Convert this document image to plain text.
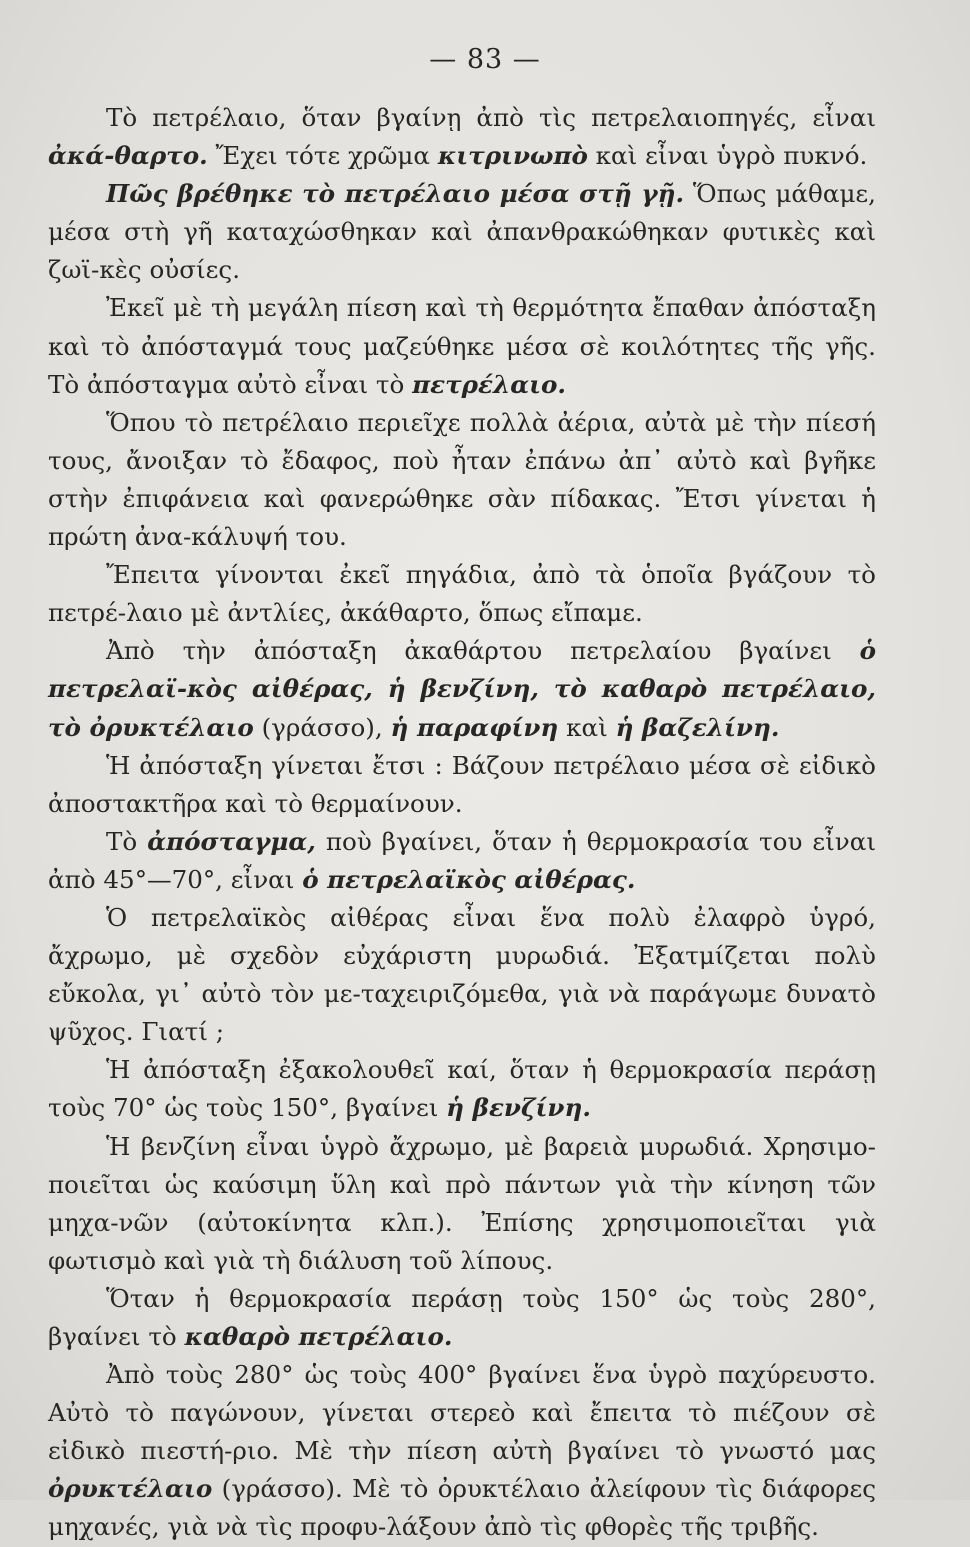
— 83 —

Τὸ πετρέλαιο, ὅταν βγαίνῃ ἀπὸ τὶς πετρελαιοπηγές, εἶναι ἀκά-θαρτο. Ἔχει τότε χρῶμα κιτρινωπὸ καὶ εἶναι ὑγρὸ πυκνό.

Πῶς βρέθηκε τὸ πετρέλαιο μέσα στῇ γῇ. Ὅπως μάθαμε, μέσα στὴ γῆ καταχώσθηκαν καὶ ἀπανθρακώθηκαν φυτικὲς καὶ ζωϊ-κὲς οὐσίες.

Ἐκεῖ μὲ τὴ μεγάλη πίεση καὶ τὴ θερμότητα ἔπαθαν ἀπόσταξη καὶ τὸ ἀπόσταγμά τους μαζεύθηκε μέσα σὲ κοιλότητες τῆς γῆς. Τὸ ἀπόσταγμα αὐτὸ εἶναι τὸ πετρέλαιο.

Ὅπου τὸ πετρέλαιο περιεῖχε πολλὰ ἀέρια, αὐτὰ μὲ τὴν πίεσή τους, ἄνοιξαν τὸ ἔδαφος, ποὺ ἦταν ἐπάνω ἀπ᾽ αὐτὸ καὶ βγῆκε στὴν ἐπιφάνεια καὶ φανερώθηκε σὰν πίδακας. Ἔτσι γίνεται ἡ πρώτη ἀνα-κάλυψή του.

Ἔπειτα γίνονται ἐκεῖ πηγάδια, ἀπὸ τὰ ὁποῖα βγάζουν τὸ πετρέ-λαιο μὲ ἀντλίες, ἀκάθαρτο, ὅπως εἴπαμε.

Ἀπὸ τὴν ἀπόσταξη ἀκαθάρτου πετρελαίου βγαίνει ὁ πετρελαϊ-κὸς αἰθέρας, ἡ βενζίνη, τὸ καθαρὸ πετρέλαιο, τὸ ὀρυκτέλαιο (γράσσο), ἡ παραφίνη καὶ ἡ βαζελίνη.

Ἡ ἀπόσταξη γίνεται ἔτσι : Βάζουν πετρέλαιο μέσα σὲ εἰδικὸ ἀποστακτῆρα καὶ τὸ θερμαίνουν.

Τὸ ἀπόσταγμα, ποὺ βγαίνει, ὅταν ἡ θερμοκρασία του εἶναι ἀπὸ 45°—70°, εἶναι ὁ πετρελαϊκὸς αἰθέρας.

Ὁ πετρελαϊκὸς αἰθέρας εἶναι ἕνα πολὺ ἐλαφρὸ ὑγρό, ἄχρωμο, μὲ σχεδὸν εὐχάριστη μυρωδιά. Ἐξατμίζεται πολὺ εὔκολα, γι᾽ αὐτὸ τὸν με-ταχειριζόμεθα, γιὰ νὰ παράγωμε δυνατὸ ψῦχος. Γιατί ;

Ἡ ἀπόσταξη ἐξακολουθεῖ καί, ὅταν ἡ θερμοκρασία περάσῃ τοὺς 70° ὡς τοὺς 150°, βγαίνει ἡ βενζίνη.

Ἡ βενζίνη εἶναι ὑγρὸ ἄχρωμο, μὲ βαρειὰ μυρωδιά. Χρησιμο-ποιεῖται ὡς καύσιμη ὕλη καὶ πρὸ πάντων γιὰ τὴν κίνηση τῶν μηχα-νῶν (αὐτοκίνητα κλπ.). Ἐπίσης χρησιμοποιεῖται γιὰ φωτισμὸ καὶ γιὰ τὴ διάλυση τοῦ λίπους.

Ὅταν ἡ θερμοκρασία περάσῃ τοὺς 150° ὡς τοὺς 280°, βγαίνει τὸ καθαρὸ πετρέλαιο.

Ἀπὸ τοὺς 280° ὡς τοὺς 400° βγαίνει ἕνα ὑγρὸ παχύρευστο. Αὐτὸ τὸ παγώνουν, γίνεται στερεὸ καὶ ἔπειτα τὸ πιέζουν σὲ εἰδικὸ πιεστή-ριο. Μὲ τὴν πίεση αὐτὴ βγαίνει τὸ γνωστό μας ὀρυκτέλαιο (γράσσο). Μὲ τὸ ὀρυκτέλαιο ἀλείφουν τὶς διάφορες μηχανές, γιὰ νὰ τὶς προφυ-λάξουν ἀπὸ τὶς φθορὲς τῆς τριβῆς.
